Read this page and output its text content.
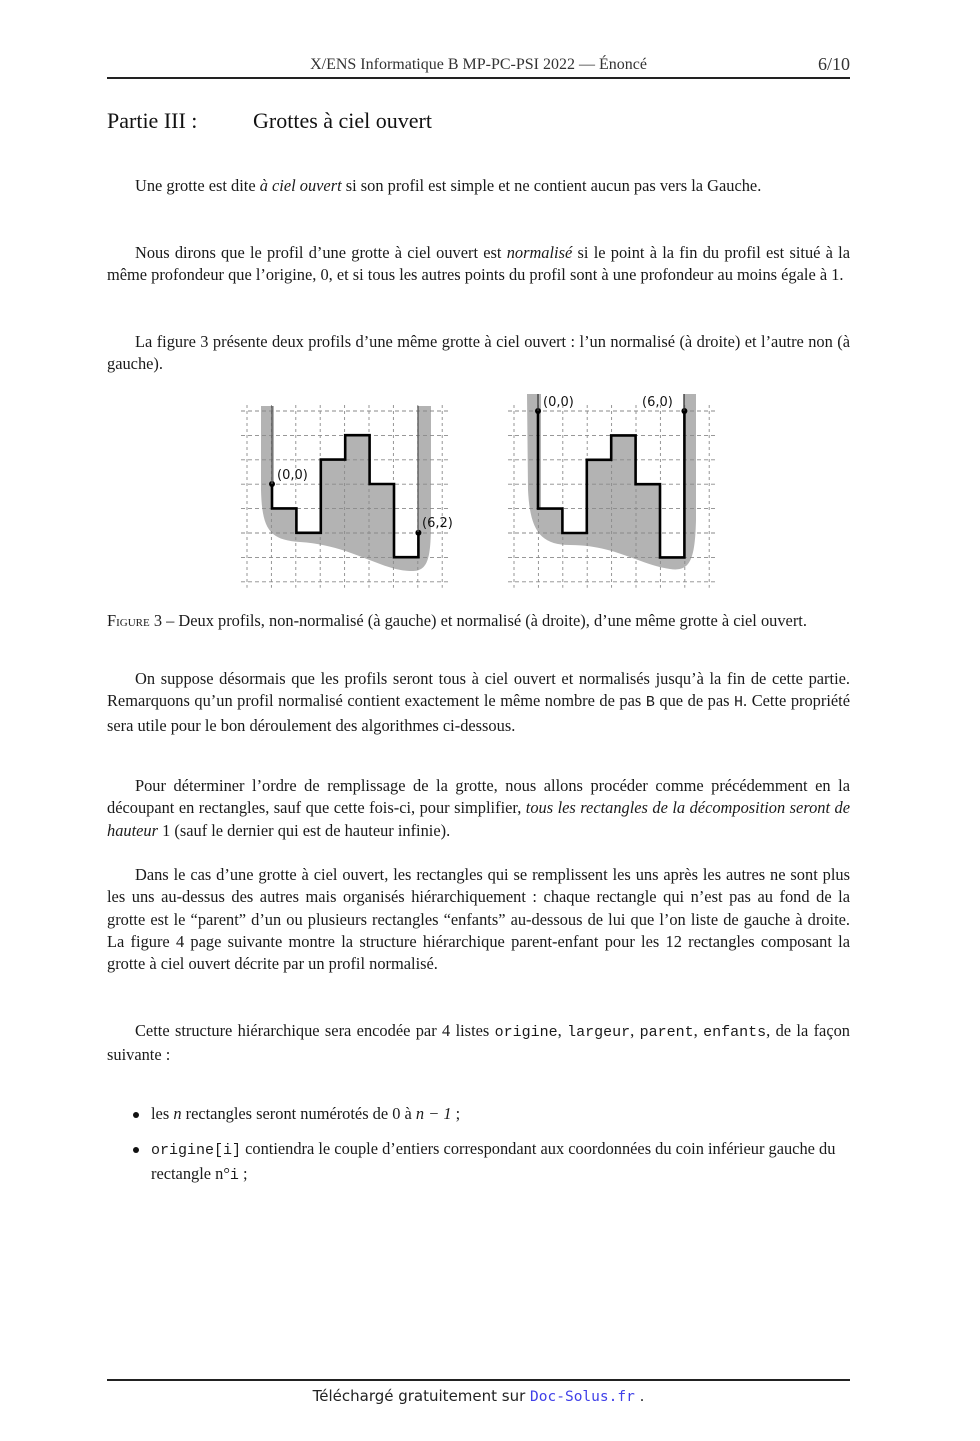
X/ENS Informatique B MP-PC-PSI 2022 — Énoncé	6/10
Partie III :	Grottes à ciel ouvert

Une grotte est dite à ciel ouvert si son profil est simple et ne contient aucun pas vers la Gauche.

Nous dirons que le profil d’une grotte à ciel ouvert est normalisé si le point à la fin du profil est situé à la même profondeur que l’origine, 0, et si tous les autres points du profil sont à une profondeur au moins égale à 1.

La figure 3 présente deux profils d’une même grotte à ciel ouvert : l’un normalisé (à droite) et l’autre non (à gauche).

(0,0)
(6,2)
(0,0)	(6,0)

Figure 3 – Deux profils, non-normalisé (à gauche) et normalisé (à droite), d’une même grotte à ciel ouvert.

On suppose désormais que les profils seront tous à ciel ouvert et normalisés jusqu’à la fin de cette partie. Remarquons qu’un profil normalisé contient exactement le même nombre de pas B que de pas H. Cette propriété sera utile pour le bon déroulement des algorithmes ci-dessous.

Pour déterminer l’ordre de remplissage de la grotte, nous allons procéder comme précédemment en la découpant en rectangles, sauf que cette fois-ci, pour simplifier, tous les rectangles de la décomposition seront de hauteur 1 (sauf le dernier qui est de hauteur infinie).

Dans le cas d’une grotte à ciel ouvert, les rectangles qui se remplissent les uns après les autres ne sont plus les uns au-dessus des autres mais organisés hiérarchiquement : chaque rectangle qui n’est pas au fond de la grotte est le “parent” d’un ou plusieurs rectangles “enfants” au-dessous de lui que l’on liste de gauche à droite. La figure 4 page suivante montre la structure hiérarchique parent-enfant pour les 12 rectangles composant la grotte à ciel ouvert décrite par un profil normalisé.

Cette structure hiérarchique sera encodée par 4 listes origine, largeur, parent, enfants, de la façon suivante :

les n rectangles seront numérotés de 0 à n − 1 ;
origine[i] contiendra le couple d’entiers correspondant aux coordonnées du coin inférieur gauche du rectangle n°i ;
Téléchargé gratuitement sur Doc-Solus.fr .
